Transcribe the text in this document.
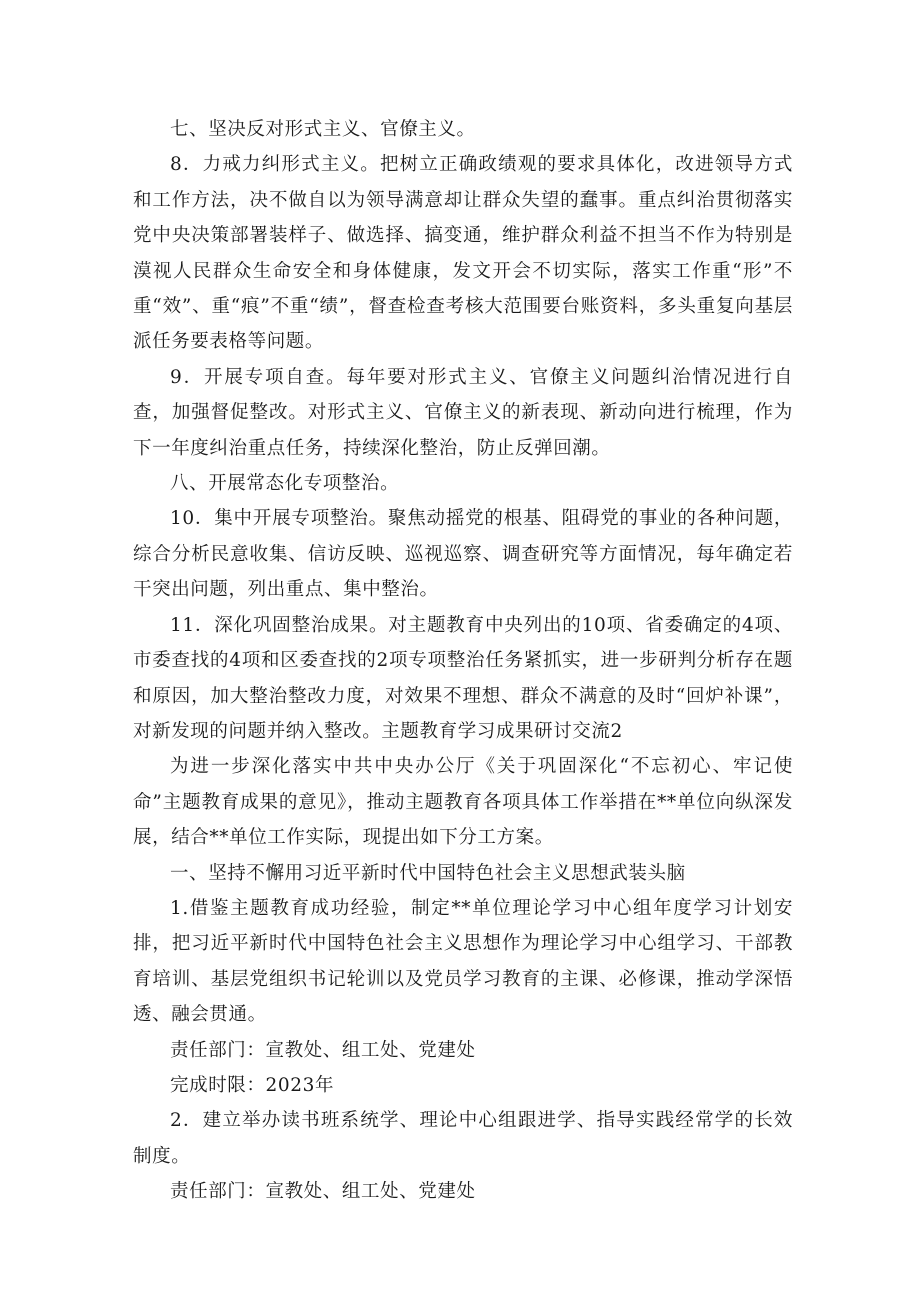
七、坚决反对形式主义、官僚主义。

8．力戒力纠形式主义。把树立正确政绩观的要求具体化，改进领导方式和工作方法，决不做自以为领导满意却让群众失望的蠢事。重点纠治贯彻落实党中央决策部署装样子、做选择、搞变通，维护群众利益不担当不作为特别是漠视人民群众生命安全和身体健康，发文开会不切实际，落实工作重“形”不重“效”、重“痕”不重“绩”，督查检查考核大范围要台账资料，多头重复向基层派任务要表格等问题。

9．开展专项自查。每年要对形式主义、官僚主义问题纠治情况进行自查，加强督促整改。对形式主义、官僚主义的新表现、新动向进行梳理，作为下一年度纠治重点任务，持续深化整治，防止反弹回潮。

八、开展常态化专项整治。

10．集中开展专项整治。聚焦动摇党的根基、阻碍党的事业的各种问题，综合分析民意收集、信访反映、巡视巡察、调查研究等方面情况，每年确定若干突出问题，列出重点、集中整治。

11．深化巩固整治成果。对主题教育中央列出的10项、省委确定的4项、市委查找的4项和区委查找的2项专项整治任务紧抓实，进一步研判分析存在题和原因，加大整治整改力度，对效果不理想、群众不满意的及时“回炉补课”，对新发现的问题并纳入整改。主题教育学习成果研讨交流2

为进一步深化落实中共中央办公厅《关于巩固深化“不忘初心、牢记使命”主题教育成果的意见》，推动主题教育各项具体工作举措在**单位向纵深发展，结合**单位工作实际，现提出如下分工方案。

一、坚持不懈用习近平新时代中国特色社会主义思想武装头脑

1.借鉴主题教育成功经验，制定**单位理论学习中心组年度学习计划安排，把习近平新时代中国特色社会主义思想作为理论学习中心组学习、干部教育培训、基层党组织书记轮训以及党员学习教育的主课、必修课，推动学深悟透、融会贯通。

责任部门：宣教处、组工处、党建处

完成时限：2023年

2．建立举办读书班系统学、理论中心组跟进学、指导实践经常学的长效制度。

责任部门：宣教处、组工处、党建处
